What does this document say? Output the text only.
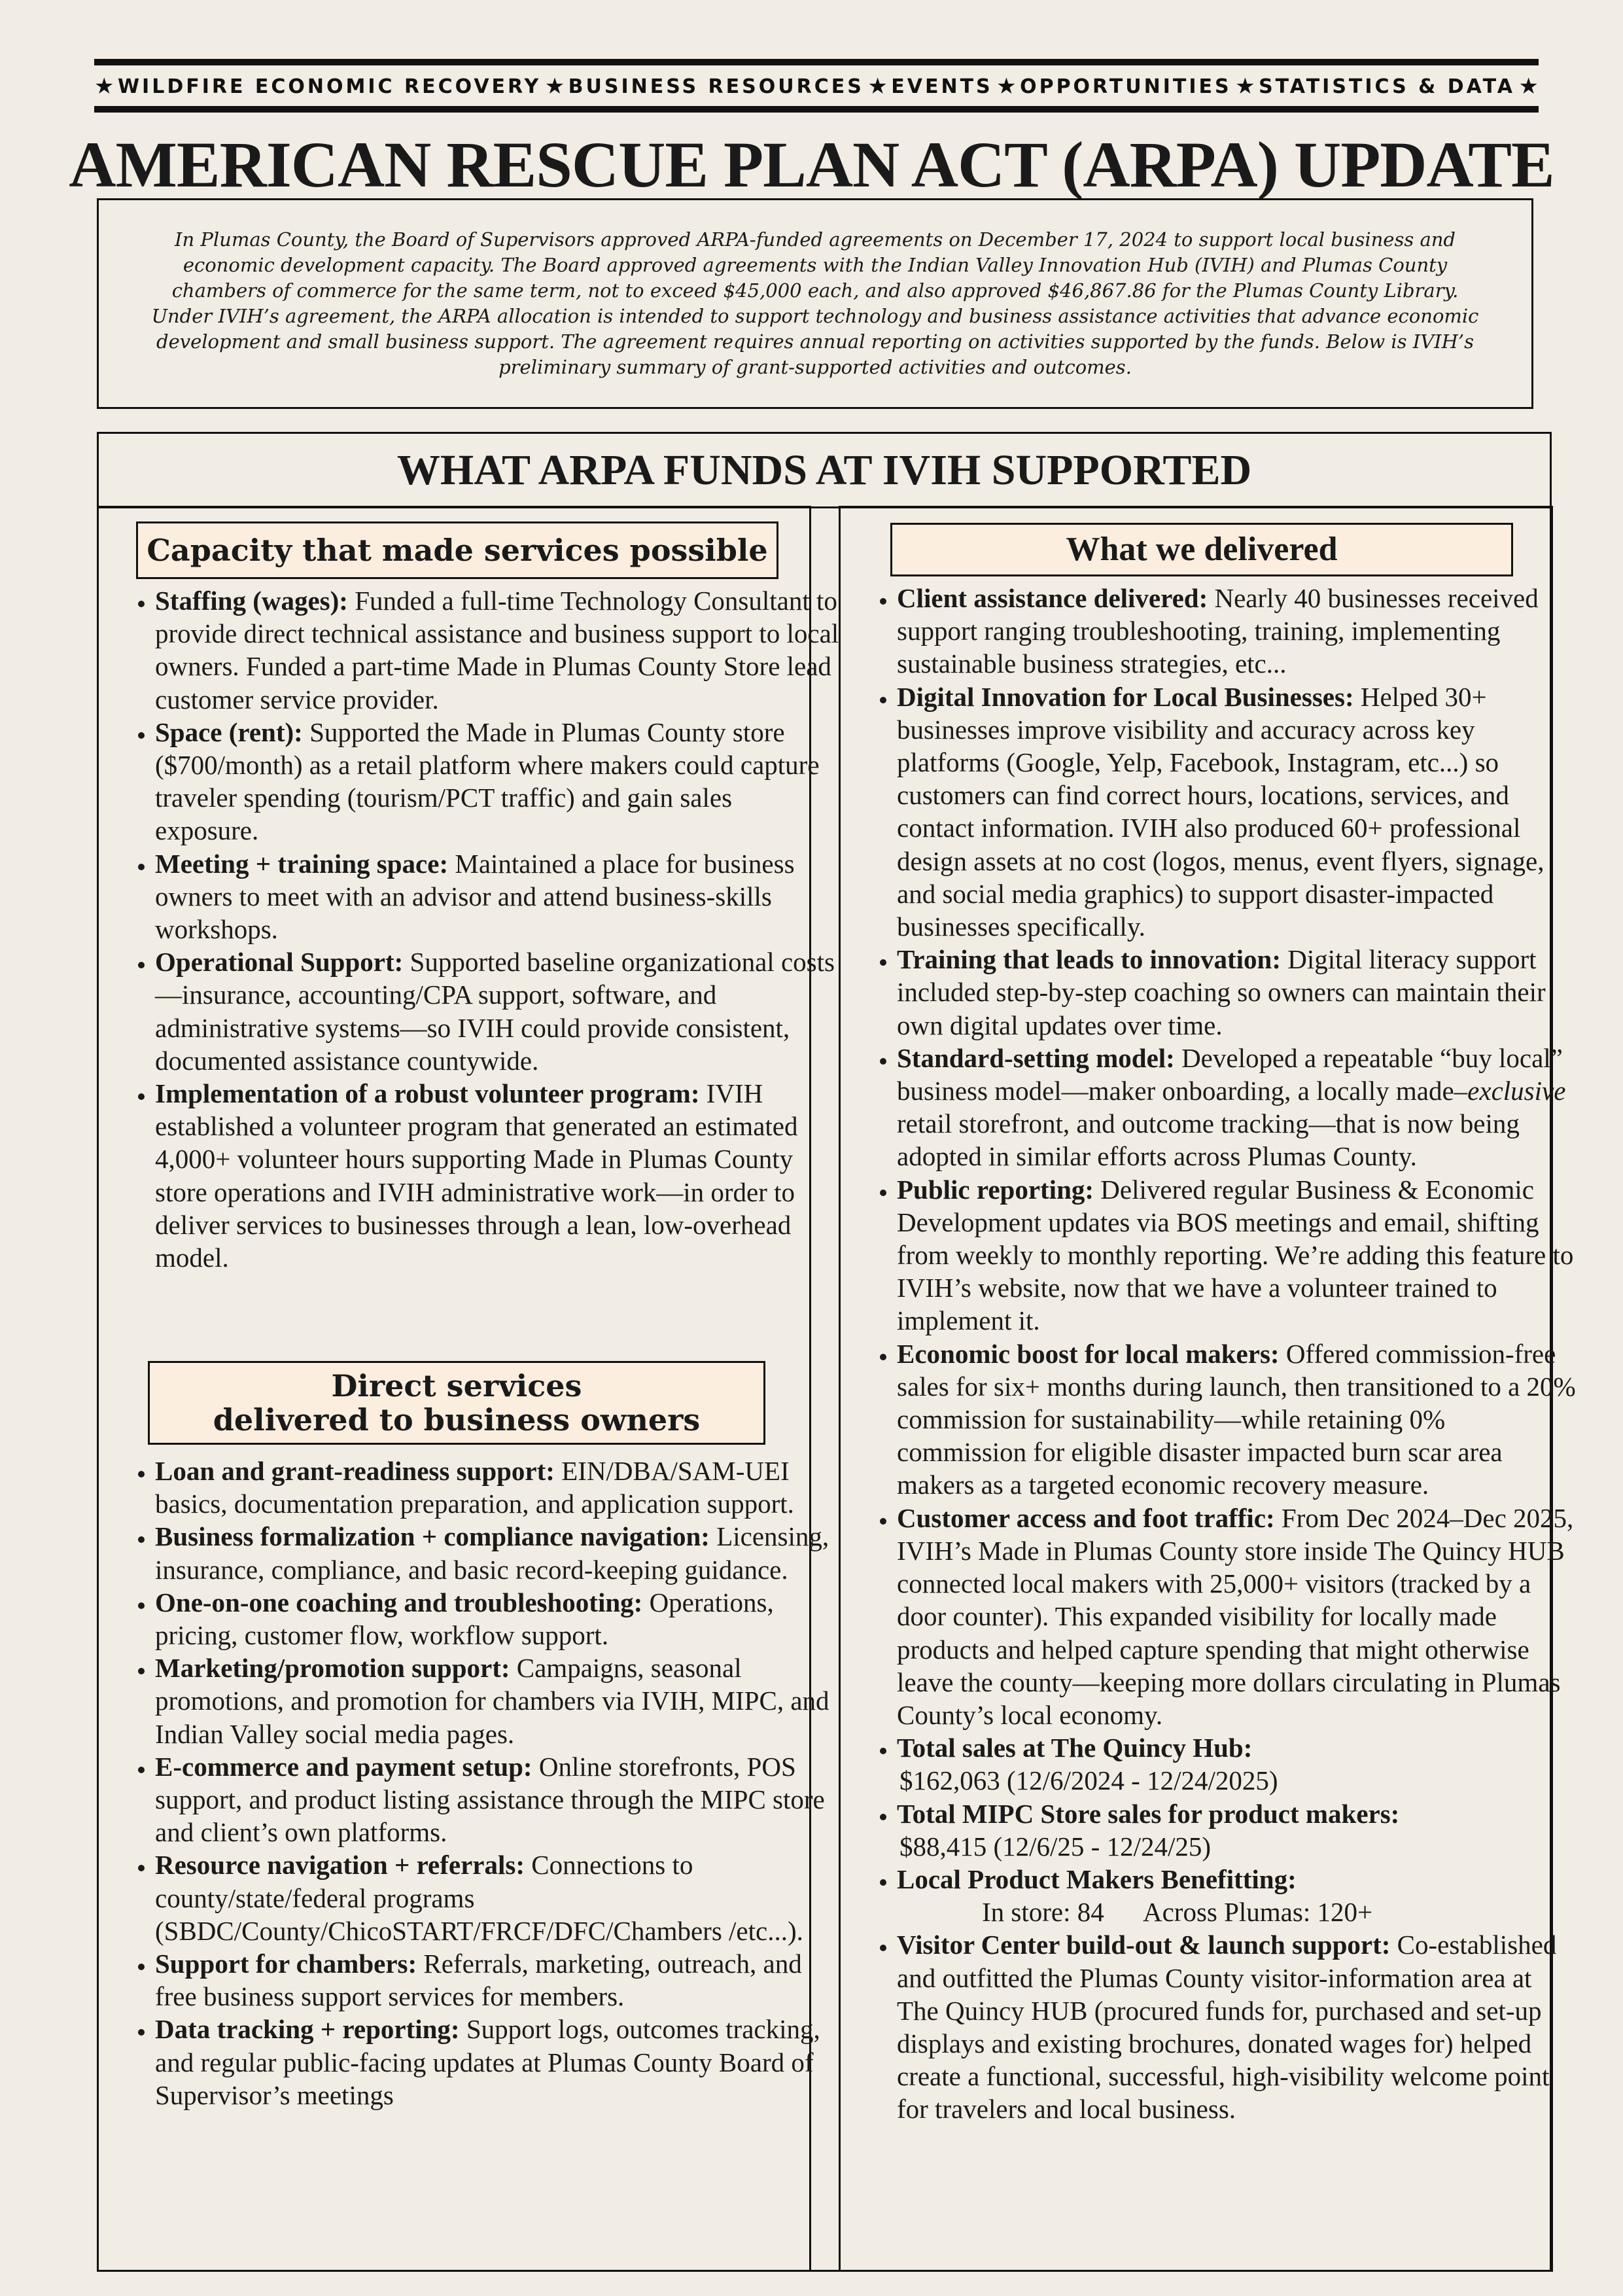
★ WILDFIRE ECONOMIC RECOVERY ★ BUSINESS RESOURCES ★ EVENTS ★ OPPORTUNITIES ★ STATISTICS & DATA ★
AMERICAN RESCUE PLAN ACT (ARPA) UPDATE

In Plumas County, the Board of Supervisors approved ARPA-funded agreements on December 17, 2024 to support local business and economic development capacity. The Board approved agreements with the Indian Valley Innovation Hub (IVIH) and Plumas County chambers of commerce for the same term, not to exceed $45,000 each, and also approved $46,867.86 for the Plumas County Library. Under IVIH’s agreement, the ARPA allocation is intended to support technology and business assistance activities that advance economic development and small business support. The agreement requires annual reporting on activities supported by the funds. Below is IVIH’s preliminary summary of grant-supported activities and outcomes.

WHAT ARPA FUNDS AT IVIH SUPPORTED
Capacity that made services possible
• Staffing (wages): Funded a full-time Technology Consultant to provide direct technical assistance and business support to local owners. Funded a part-time Made in Plumas County Store lead customer service provider.
• Space (rent): Supported the Made in Plumas County store ($700/month) as a retail platform where makers could capture traveler spending (tourism/PCT traffic) and gain sales exposure.
• Meeting + training space: Maintained a place for business owners to meet with an advisor and attend business-skills workshops.
• Operational Support: Supported baseline organizational costs—insurance, accounting/CPA support, software, and administrative systems—so IVIH could provide consistent, documented assistance countywide.
• Implementation of a robust volunteer program: IVIH established a volunteer program that generated an estimated 4,000+ volunteer hours supporting Made in Plumas County store operations and IVIH administrative work—in order to deliver services to businesses through a lean, low-overhead model.
Direct services
delivered to business owners
• Loan and grant-readiness support: EIN/DBA/SAM-UEI basics, documentation preparation, and application support.
• Business formalization + compliance navigation: Licensing, insurance, compliance, and basic record-keeping guidance.
• One-on-one coaching and troubleshooting: Operations, pricing, customer flow, workflow support.
• Marketing/promotion support: Campaigns, seasonal promotions, and promotion for chambers via IVIH, MIPC, and Indian Valley social media pages.
• E-commerce and payment setup: Online storefronts, POS support, and product listing assistance through the MIPC store and client’s own platforms.
• Resource navigation + referrals: Connections to county/state/federal programs (SBDC/County/ChicoSTART/FRCF/DFC/Chambers /etc...).
• Support for chambers: Referrals, marketing, outreach, and free business support services for members.
• Data tracking + reporting: Support logs, outcomes tracking, and regular public-facing updates at Plumas County Board of Supervisor’s meetings
What we delivered
• Client assistance delivered: Nearly 40 businesses received support ranging troubleshooting, training, implementing sustainable business strategies, etc...
• Digital Innovation for Local Businesses: Helped 30+ businesses improve visibility and accuracy across key platforms (Google, Yelp, Facebook, Instagram, etc...) so customers can find correct hours, locations, services, and contact information. IVIH also produced 60+ professional design assets at no cost (logos, menus, event flyers, signage, and social media graphics) to support disaster-impacted businesses specifically.
• Training that leads to innovation: Digital literacy support included step-by-step coaching so owners can maintain their own digital updates over time.
• Standard-setting model: Developed a repeatable “buy local” business model—maker onboarding, a locally made–exclusive retail storefront, and outcome tracking—that is now being adopted in similar efforts across Plumas County.
• Public reporting: Delivered regular Business & Economic Development updates via BOS meetings and email, shifting from weekly to monthly reporting. We’re adding this feature to IVIH’s website, now that we have a volunteer trained to implement it.
• Economic boost for local makers: Offered commission-free sales for six+ months during launch, then transitioned to a 20% commission for sustainability—while retaining 0% commission for eligible disaster impacted burn scar area makers as a targeted economic recovery measure.
• Customer access and foot traffic: From Dec 2024–Dec 2025, IVIH’s Made in Plumas County store inside The Quincy HUB connected local makers with 25,000+ visitors (tracked by a door counter). This expanded visibility for locally made products and helped capture spending that might otherwise leave the county—keeping more dollars circulating in Plumas County’s local economy.
• Total sales at The Quincy Hub:
$162,063 (12/6/2024 - 12/24/2025)
• Total MIPC Store sales for product makers:
$88,415 (12/6/25 - 12/24/25)
• Local Product Makers Benefitting:
In store: 84      Across Plumas: 120+
• Visitor Center build-out & launch support: Co-established and outfitted the Plumas County visitor-information area at The Quincy HUB (procured funds for, purchased and set-up displays and existing brochures, donated wages for) helped create a functional, successful, high-visibility welcome point for travelers and local business.
